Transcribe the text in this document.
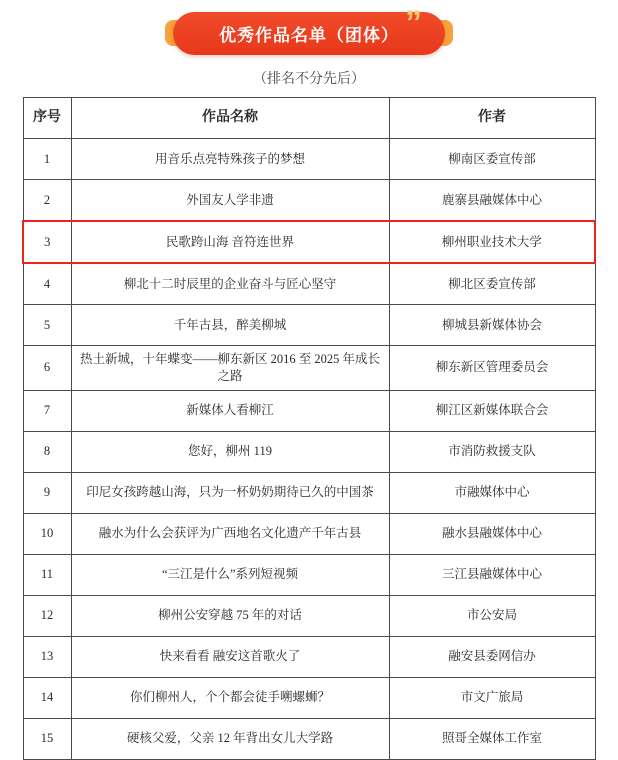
优秀作品名单（团体） ”
（排名不分先后）
序号	作品名称	作者
1	用音乐点亮特殊孩子的梦想	柳南区委宣传部
2	外国友人学非遗	鹿寨县融媒体中心
3	民歌跨山海 音符连世界	柳州职业技术大学
4	柳北十二时辰里的企业奋斗与匠心坚守	柳北区委宣传部
5	千年古县，醉美柳城	柳城县新媒体协会
6	热土新城，十年蝶变——柳东新区 2016 至 2025 年成长之路	柳东新区管理委员会
7	新媒体人看柳江	柳江区新媒体联合会
8	您好，柳州 119	市消防救援支队
9	印尼女孩跨越山海，只为一杯奶奶期待已久的中国茶	市融媒体中心
10	融水为什么会获评为广西地名文化遗产千年古县	融水县融媒体中心
11	“三江是什么”系列短视频	三江县融媒体中心
12	柳州公安穿越 75 年的对话	市公安局
13	快来看看 融安这首歌火了	融安县委网信办
14	你们柳州人，个个都会徒手嗍螺蛳？	市文广旅局
15	硬核父爱，父亲 12 年背出女儿大学路	照哥全媒体工作室
